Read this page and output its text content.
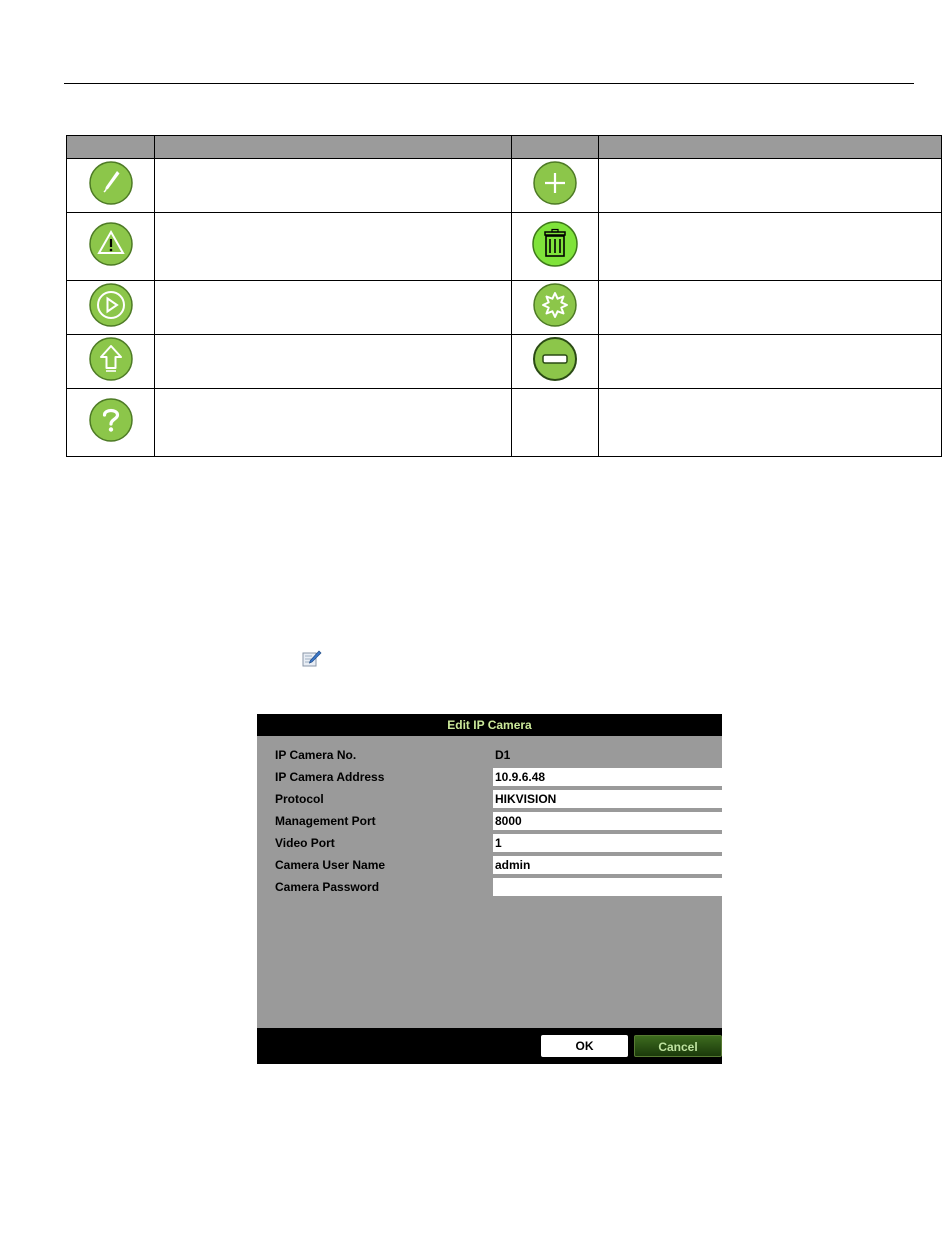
Edit IP Camera
IP Camera No.	D1
IP Camera Address	10.9.6.48
Protocol	HIKVISION
Management Port	8000
Video Port	1
Camera User Name	admin
Camera Password
OK	Cancel
